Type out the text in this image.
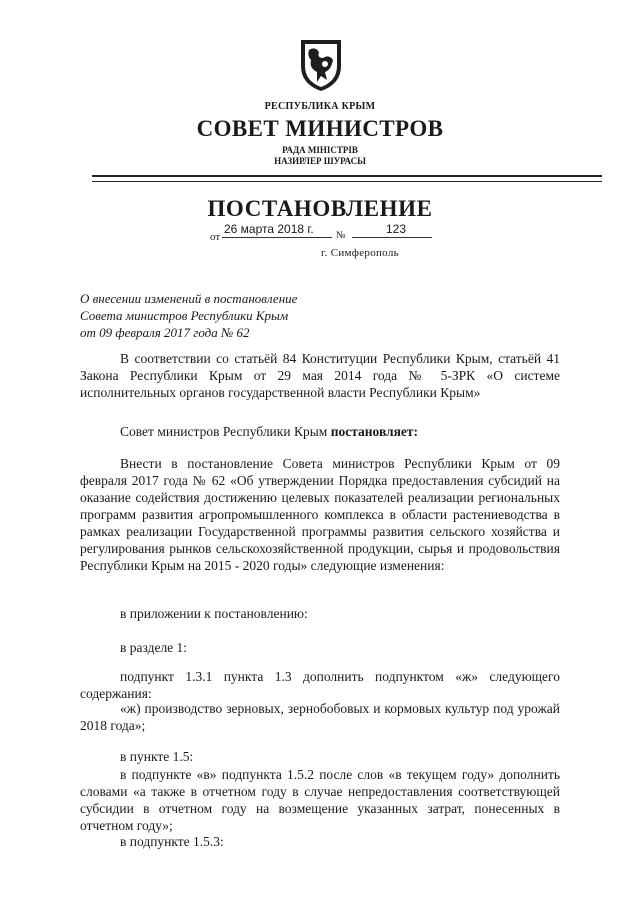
РЕСПУБЛИКА КРЫМ
СОВЕТ МИНИСТРОВ
РАДА МІНІСТРІВ
НАЗИРЛЕР ШУРАСЫ
ПОСТАНОВЛЕНИЕ
от
26 марта 2018 г. №	123
г. Симферополь
О внесении изменений в постановление
Совета министров Республики Крым
от 09 февраля 2017 года № 62
В соответствии со статьёй 84 Конституции Республики Крым, статьёй 41 Закона Республики Крым от 29 мая 2014 года № 5-ЗРК «О системе исполнительных органов государственной власти Республики Крым»
Совет министров Республики Крым постановляет:
Внести в постановление Совета министров Республики Крым от 09 февраля 2017 года № 62 «Об утверждении Порядка предоставления субсидий на оказание содействия достижению целевых показателей реализации региональных программ развития агропромышленного комплекса в области растениеводства в рамках реализации Государственной программы развития сельского хозяйства и регулирования рынков сельскохозяйственной продукции, сырья и продовольствия Республики Крым на 2015 - 2020 годы» следующие изменения:
в приложении к постановлению:
в разделе 1:
подпункт 1.3.1 пункта 1.3 дополнить подпунктом «ж» следующего содержания:
«ж) производство зерновых, зернобобовых и кормовых культур под урожай 2018 года»;
в пункте 1.5:
в подпункте «в» подпункта 1.5.2 после слов «в текущем году» дополнить словами «а также в отчетном году в случае непредоставления соответствующей субсидии в отчетном году на возмещение указанных затрат, понесенных в отчетном году»;
в подпункте 1.5.3:
